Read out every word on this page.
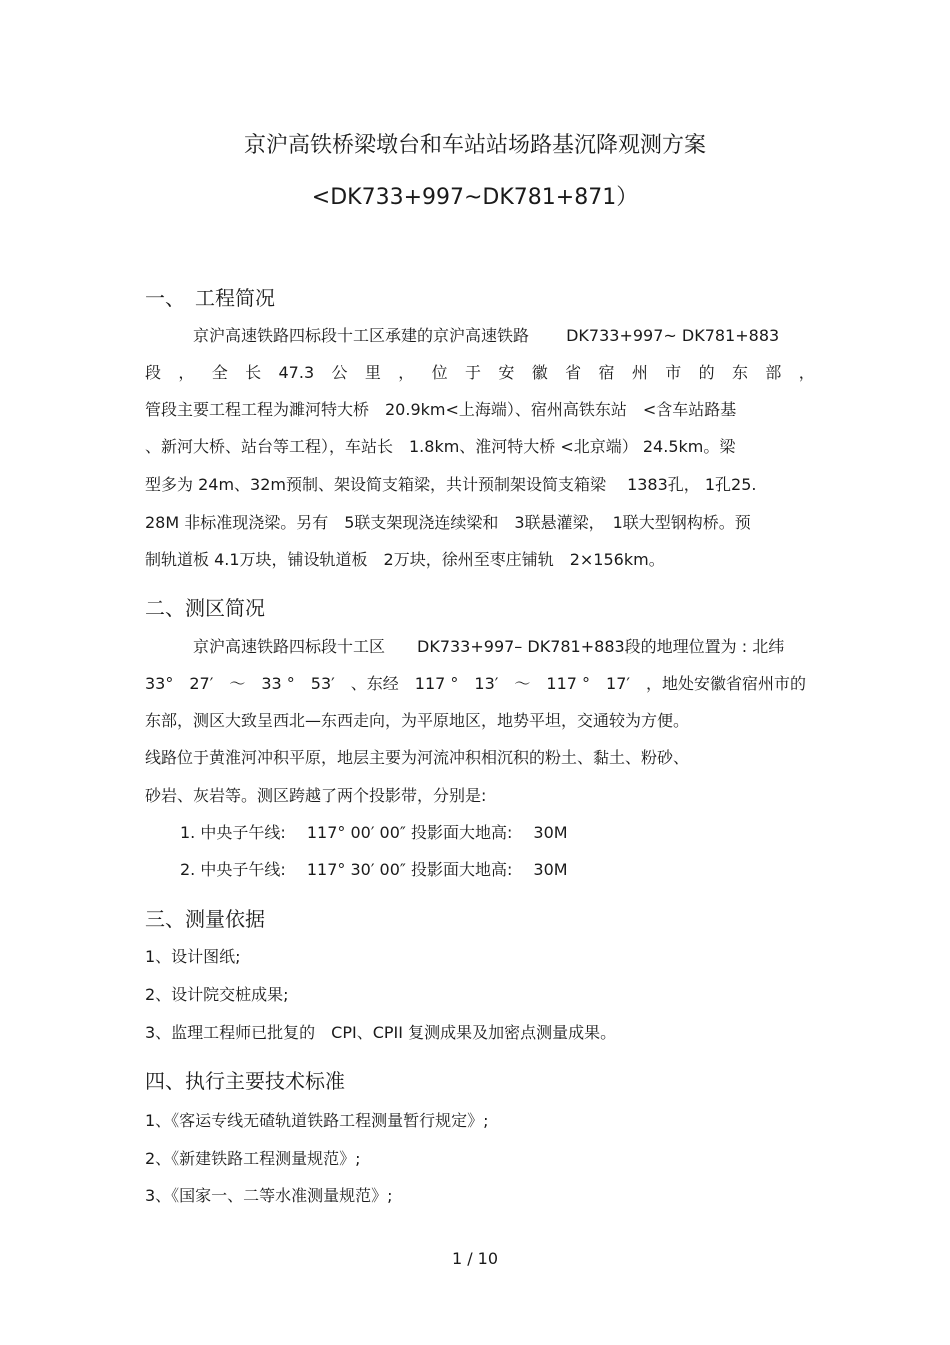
京沪高铁桥梁墩台和车站站场路基沉降观测方案
<DK733+997~DK781+871）
一、　工程简况
京沪高速铁路四标段十工区承建的京沪高速铁路　　 DK733+997~ DK781+883
段 ， 全 长 47.3 公 里 ， 位 于 安 徽 省 宿 州 市 的 东 部 ，
管段主要工程工程为濉河特大桥　20.9km<上海端）、宿州高铁东站　<含车站路基
、新河大桥、站台等工程），车站长　1.8km、淮河特大桥 <北京端） 24.5km。梁
型多为 24m、32m预制、架设简支箱梁，共计预制架设简支箱梁　 1383孔， 1孔25.
28M 非标准现浇梁。另有　5联支架现浇连续梁和　3联悬灌梁，　1联大型钢构桥。预
制轨道板 4.1万块，铺设轨道板　2万块，徐州至枣庄铺轨　2×156km。
二、测区简况
京沪高速铁路四标段十工区　　DK733+997– DK781+883段的地理位置为 : 北纬
33°　27′　～　33 °　53′　、东经　117 °　13′　～　117 °　17′　，地处安徽省宿州市的
东部，测区大致呈西北—东西走向，为平原地区，地势平坦，交通较为方便。
线路位于黄淮河冲积平原，地层主要为河流冲积相沉积的粉土、黏土、粉砂、
砂岩、灰岩等。测区跨越了两个投影带，分别是:
1. 中央子午线:　 117° 00′ 00″ 投影面大地高:　 30M
2. 中央子午线:　 117° 30′ 00″ 投影面大地高:　 30M
三、测量依据
1、设计图纸;
2、设计院交桩成果;
3、监理工程师已批复的　CPI、CPII 复测成果及加密点测量成果。
四、执行主要技术标准
1、《客运专线无碴轨道铁路工程测量暂行规定》;
2、《新建铁路工程测量规范》;
3、《国家一、二等水准测量规范》;
1 / 10
